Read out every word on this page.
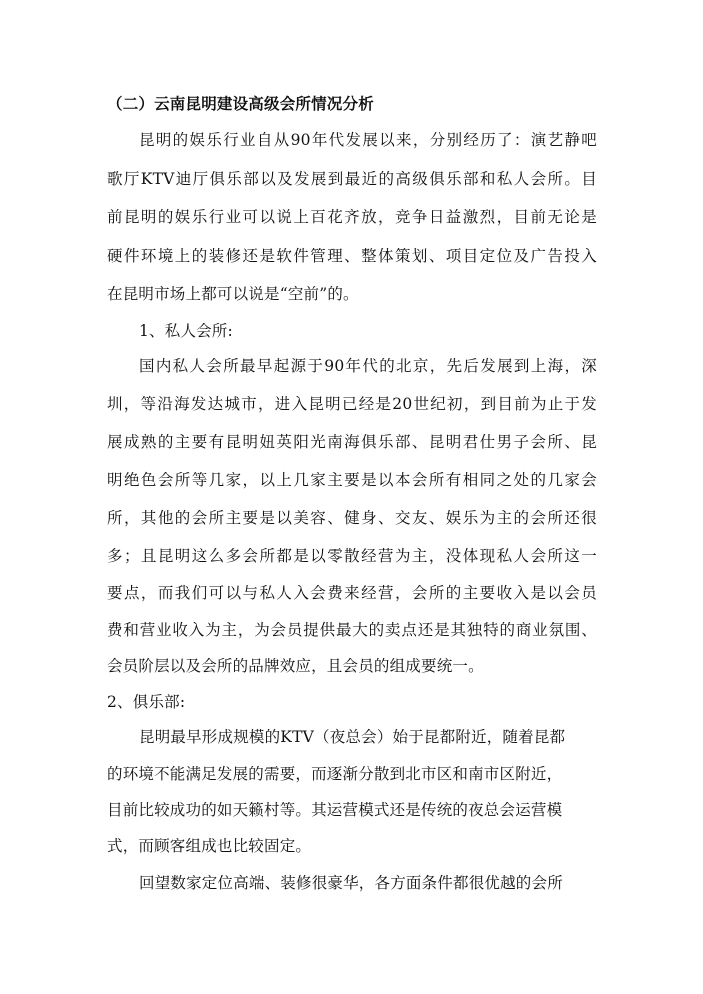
（二）云南昆明建设高级会所情况分析
昆明的娱乐行业自从90年代发展以来，分别经历了：演艺静吧
歌厅KTV迪厅俱乐部以及发展到最近的高级俱乐部和私人会所。目
前昆明的娱乐行业可以说上百花齐放，竞争日益激烈，目前无论是
硬件环境上的装修还是软件管理、整体策划、项目定位及广告投入
在昆明市场上都可以说是“空前”的。
1、私人会所:
国内私人会所最早起源于90年代的北京，先后发展到上海，深
圳，等沿海发达城市，进入昆明已经是20世纪初，到目前为止于发
展成熟的主要有昆明妞英阳光南海俱乐部、昆明君仕男子会所、昆
明绝色会所等几家，以上几家主要是以本会所有相同之处的几家会
所，其他的会所主要是以美容、健身、交友、娱乐为主的会所还很
多；且昆明这么多会所都是以零散经营为主，没体现私人会所这一
要点，而我们可以与私人入会费来经营，会所的主要收入是以会员
费和营业收入为主，为会员提供最大的卖点还是其独特的商业氛围、
会员阶层以及会所的品牌效应，且会员的组成要统一。
2、俱乐部:
昆明最早形成规模的KTV（夜总会）始于昆都附近，随着昆都
的环境不能满足发展的需要，而逐渐分散到北市区和南市区附近，
目前比较成功的如天籁村等。其运营模式还是传统的夜总会运营模
式，而顾客组成也比较固定。
回望数家定位高端、装修很豪华，各方面条件都很优越的会所
